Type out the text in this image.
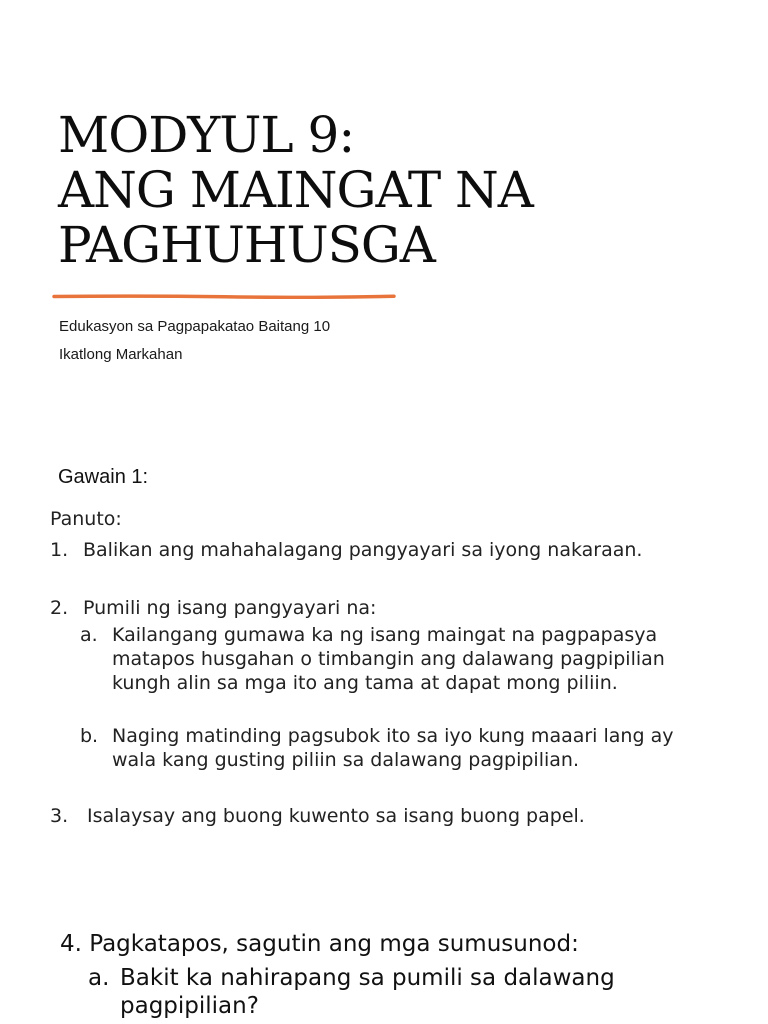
MODYUL 9:
ANG MAINGAT NA
PAGHUHUSGA
Edukasyon sa Pagpapakatao Baitang 10
Ikatlong Markahan
Gawain 1:
Panuto:
1. Balikan ang mahahalagang pangyayari sa iyong nakaraan.
2. Pumili ng isang pangyayari na:
a. Kailangang gumawa ka ng isang maingat na pagpapasya matapos husgahan o timbangin ang dalawang pagpipilian kungh alin sa mga ito ang tama at dapat mong piliin.
b. Naging matinding pagsubok ito sa iyo kung maaari lang ay wala kang gusting piliin sa dalawang pagpipilian.
3. Isalaysay ang buong kuwento sa isang buong papel.
4. Pagkatapos, sagutin ang mga sumusunod:
a. Bakit ka nahirapang sa pumili sa dalawang pagpipilian?
